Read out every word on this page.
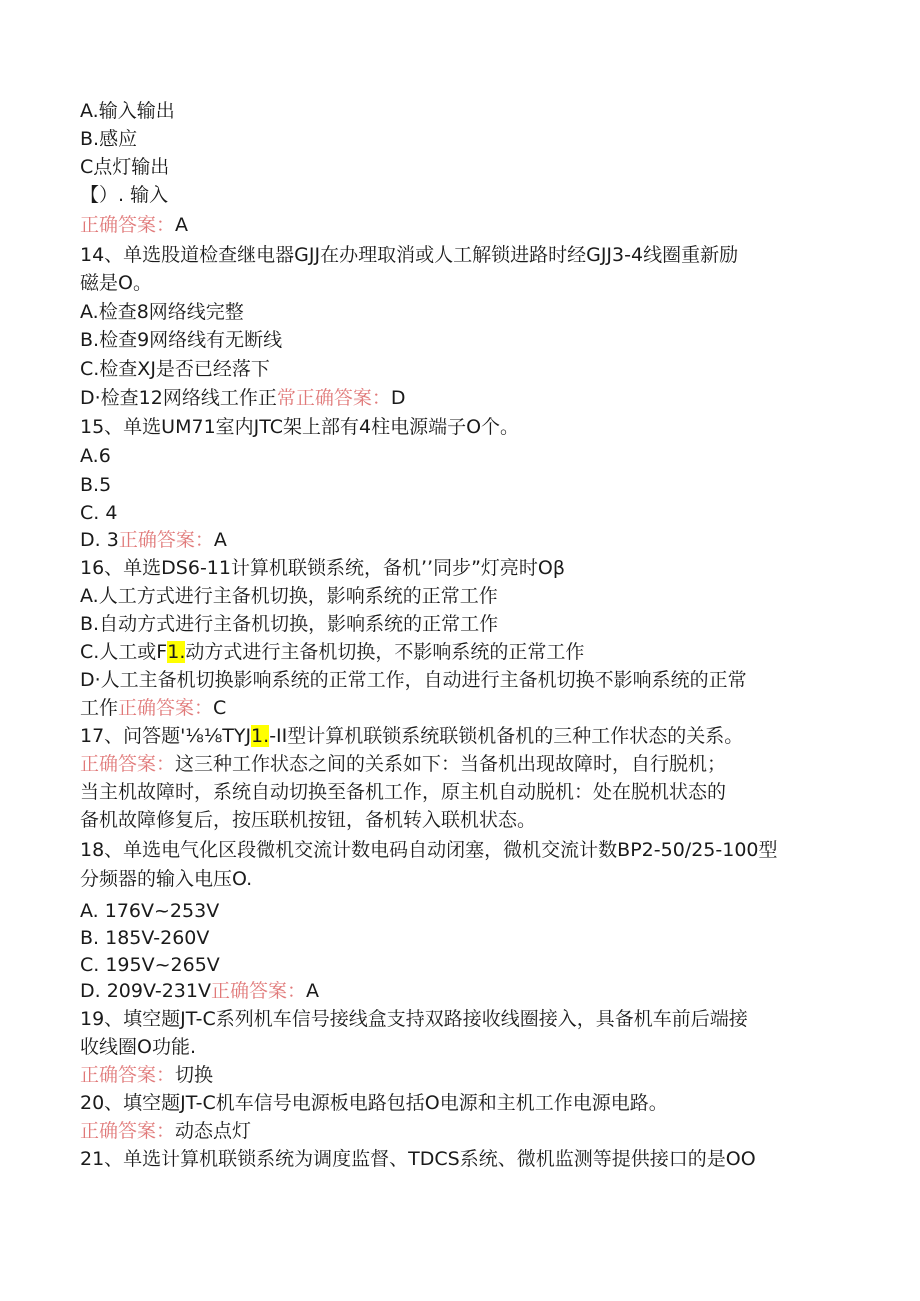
A.输入输出
B.感应
C点灯输出
【）. 输入
正确答案：A
14、单选股道检查继电器GJJ在办理取消或人工解锁进路时经GJJ3-4线圈重新励
磁是O。
A.检查8网络线完整
B.检查9网络线有无断线
C.检查XJ是否已经落下
D·检查12网络线工作正常正确答案：D
15、单选UM71室内JTC架上部有4柱电源端子O个。
A.6
B.5
C. 4
D. 3正确答案：A
16、单选DS6-11计算机联锁系统，备机’’同步”灯亮时Oβ
A.人工方式进行主备机切换，影响系统的正常工作
B.自动方式进行主备机切换，影响系统的正常工作
C.人工或F1.动方式进行主备机切换，不影响系统的正常工作
D·人工主备机切换影响系统的正常工作，自动进行主备机切换不影响系统的正常
工作正确答案：C
17、问答题'⅛⅛TYJ1.-II型计算机联锁系统联锁机备机的三种工作状态的关系。
正确答案：这三种工作状态之间的关系如下：当备机出现故障时，自行脱机；
当主机故障时，系统自动切换至备机工作，原主机自动脱机：处在脱机状态的
备机故障修复后，按压联机按钮，备机转入联机状态。
18、单选电气化区段微机交流计数电码自动闭塞，微机交流计数BP2-50/25-100型
分频器的输入电压O.
A. 176V~253V
B. 185V-260V
C. 195V~265V
D. 209V-231V正确答案：A
19、填空题JT-C系列机车信号接线盒支持双路接收线圈接入，具备机车前后端接
收线圈O功能.
正确答案：切换
20、填空题JT-C机车信号电源板电路包括O电源和主机工作电源电路。
正确答案：动态点灯
21、单选计算机联锁系统为调度监督、TDCS系统、微机监测等提供接口的是OO
